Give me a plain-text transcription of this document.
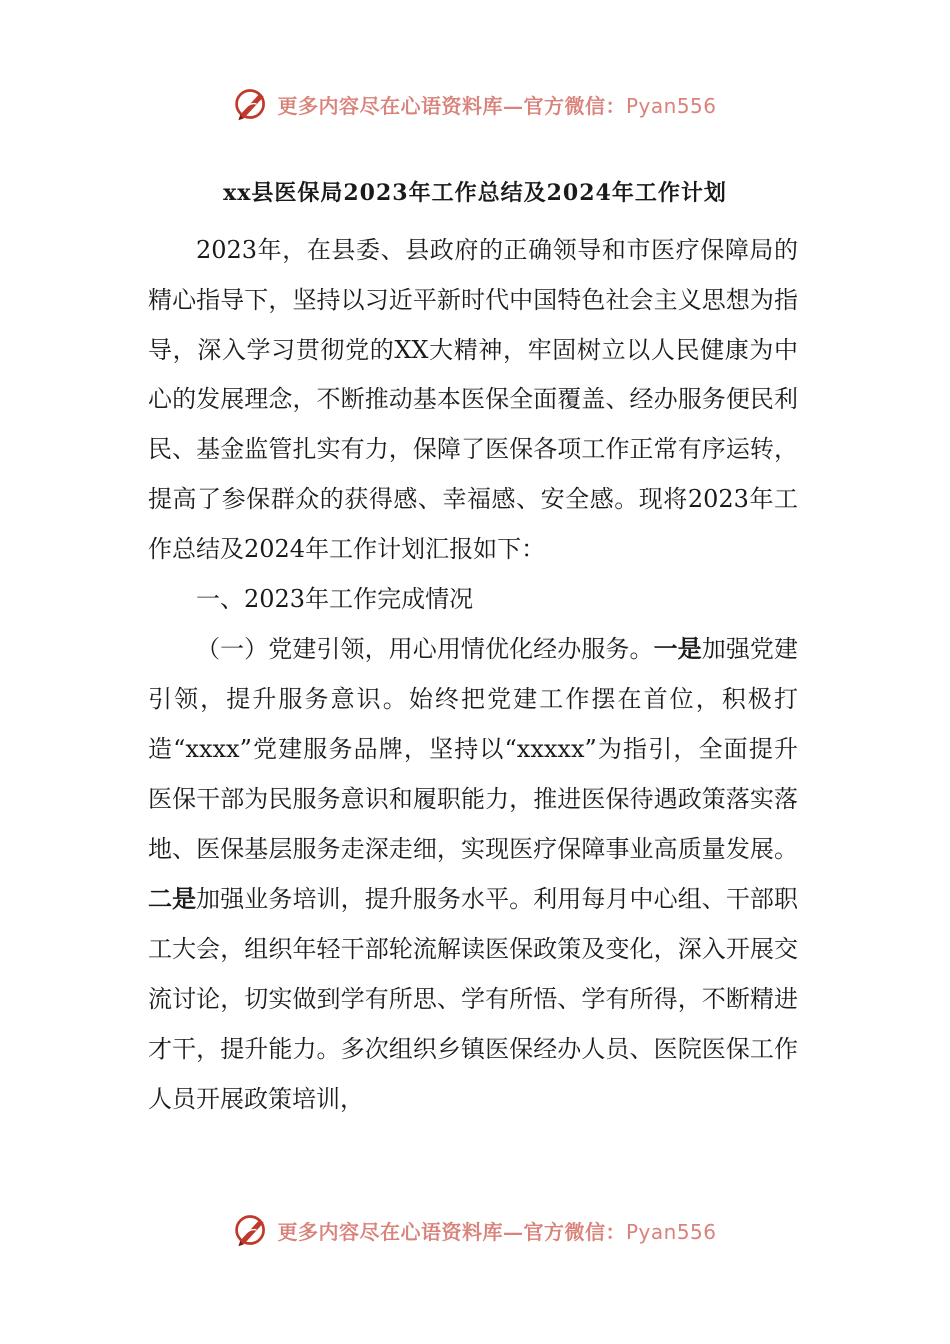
更多内容尽在心语资料库—官方微信：Pyan556
xx县医保局2023年工作总结及2024年工作计划

2023年，在县委、县政府的正确领导和市医疗保障局的精心指导下，坚持以习近平新时代中国特色社会主义思想为指导，深入学习贯彻党的XX大精神，牢固树立以人民健康为中心的发展理念，不断推动基本医保全面覆盖、经办服务便民利民、基金监管扎实有力，保障了医保各项工作正常有序运转，提高了参保群众的获得感、幸福感、安全感。现将2023年工作总结及2024年工作计划汇报如下：

一、2023年工作完成情况

（一）党建引领，用心用情优化经办服务。一是加强党建引领，提升服务意识。始终把党建工作摆在首位，积极打造“xxxx”党建服务品牌，坚持以“xxxxx”为指引，全面提升医保干部为民服务意识和履职能力，推进医保待遇政策落实落地、医保基层服务走深走细，实现医疗保障事业高质量发展。二是加强业务培训，提升服务水平。利用每月中心组、干部职工大会，组织年轻干部轮流解读医保政策及变化，深入开展交流讨论，切实做到学有所思、学有所悟、学有所得，不断精进才干，提升能力。多次组织乡镇医保经办人员、医院医保工作人员开展政策培训，

更多内容尽在心语资料库—官方微信：Pyan556
